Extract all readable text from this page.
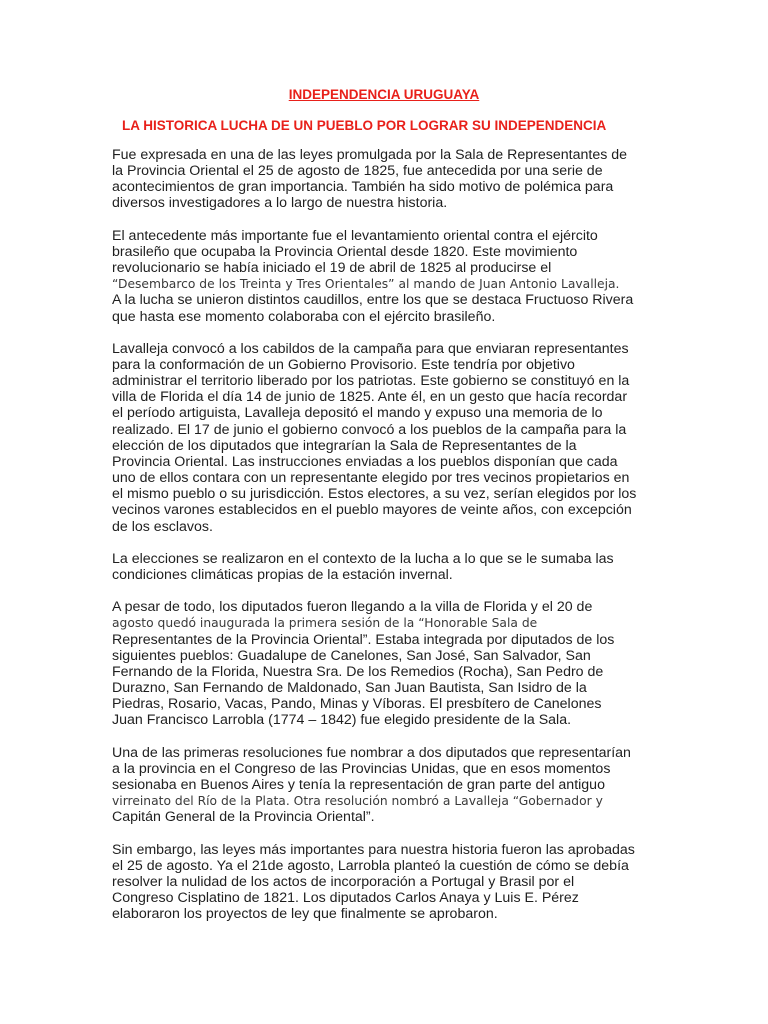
INDEPENDENCIA URUGUAYA
LA HISTORICA LUCHA DE UN PUEBLO POR LOGRAR SU INDEPENDENCIA

Fue expresada en una de las leyes promulgada por la Sala de Representantes de
la Provincia Oriental el 25 de agosto de 1825, fue antecedida por una serie de
acontecimientos de gran importancia. También ha sido motivo de polémica para
diversos investigadores a lo largo de nuestra historia.

El antecedente más importante fue el levantamiento oriental contra el ejército
brasileño que ocupaba la Provincia Oriental desde 1820. Este movimiento
revolucionario se había iniciado el 19 de abril de 1825 al producirse el
“Desembarco de los Treinta y Tres Orientales” al mando de Juan Antonio Lavalleja.
A la lucha se unieron distintos caudillos, entre los que se destaca Fructuoso Rivera
que hasta ese momento colaboraba con el ejército brasileño.

Lavalleja convocó a los cabildos de la campaña para que enviaran representantes
para la conformación de un Gobierno Provisorio. Este tendría por objetivo
administrar el territorio liberado por los patriotas. Este gobierno se constituyó en la
villa de Florida el día 14 de junio de 1825. Ante él, en un gesto que hacía recordar
el período artiguista, Lavalleja depositó el mando y expuso una memoria de lo
realizado. El 17 de junio el gobierno convocó a los pueblos de la campaña para la
elección de los diputados que integrarían la Sala de Representantes de la
Provincia Oriental. Las instrucciones enviadas a los pueblos disponían que cada
uno de ellos contara con un representante elegido por tres vecinos propietarios en
el mismo pueblo o su jurisdicción. Estos electores, a su vez, serían elegidos por los
vecinos varones establecidos en el pueblo mayores de veinte años, con excepción
de los esclavos.

La elecciones se realizaron en el contexto de la lucha a lo que se le sumaba las
condiciones climáticas propias de la estación invernal.

A pesar de todo, los diputados fueron llegando a la villa de Florida y el 20 de
agosto quedó inaugurada la primera sesión de la “Honorable Sala de
Representantes de la Provincia Oriental”. Estaba integrada por diputados de los
siguientes pueblos: Guadalupe de Canelones, San José, San Salvador, San
Fernando de la Florida, Nuestra Sra. De los Remedios (Rocha), San Pedro de
Durazno, San Fernando de Maldonado, San Juan Bautista, San Isidro de la
Piedras, Rosario, Vacas, Pando, Minas y Víboras. El presbítero de Canelones
Juan Francisco Larrobla (1774 – 1842) fue elegido presidente de la Sala.

Una de las primeras resoluciones fue nombrar a dos diputados que representarían
a la provincia en el Congreso de las Provincias Unidas, que en esos momentos
sesionaba en Buenos Aires y tenía la representación de gran parte del antiguo
virreinato del Río de la Plata. Otra resolución nombró a Lavalleja “Gobernador y
Capitán General de la Provincia Oriental”.

Sin embargo, las leyes más importantes para nuestra historia fueron las aprobadas
el 25 de agosto. Ya el 21de agosto, Larrobla planteó la cuestión de cómo se debía
resolver la nulidad de los actos de incorporación a Portugal y Brasil por el
Congreso Cisplatino de 1821. Los diputados Carlos Anaya y Luis E. Pérez
elaboraron los proyectos de ley que finalmente se aprobaron.
